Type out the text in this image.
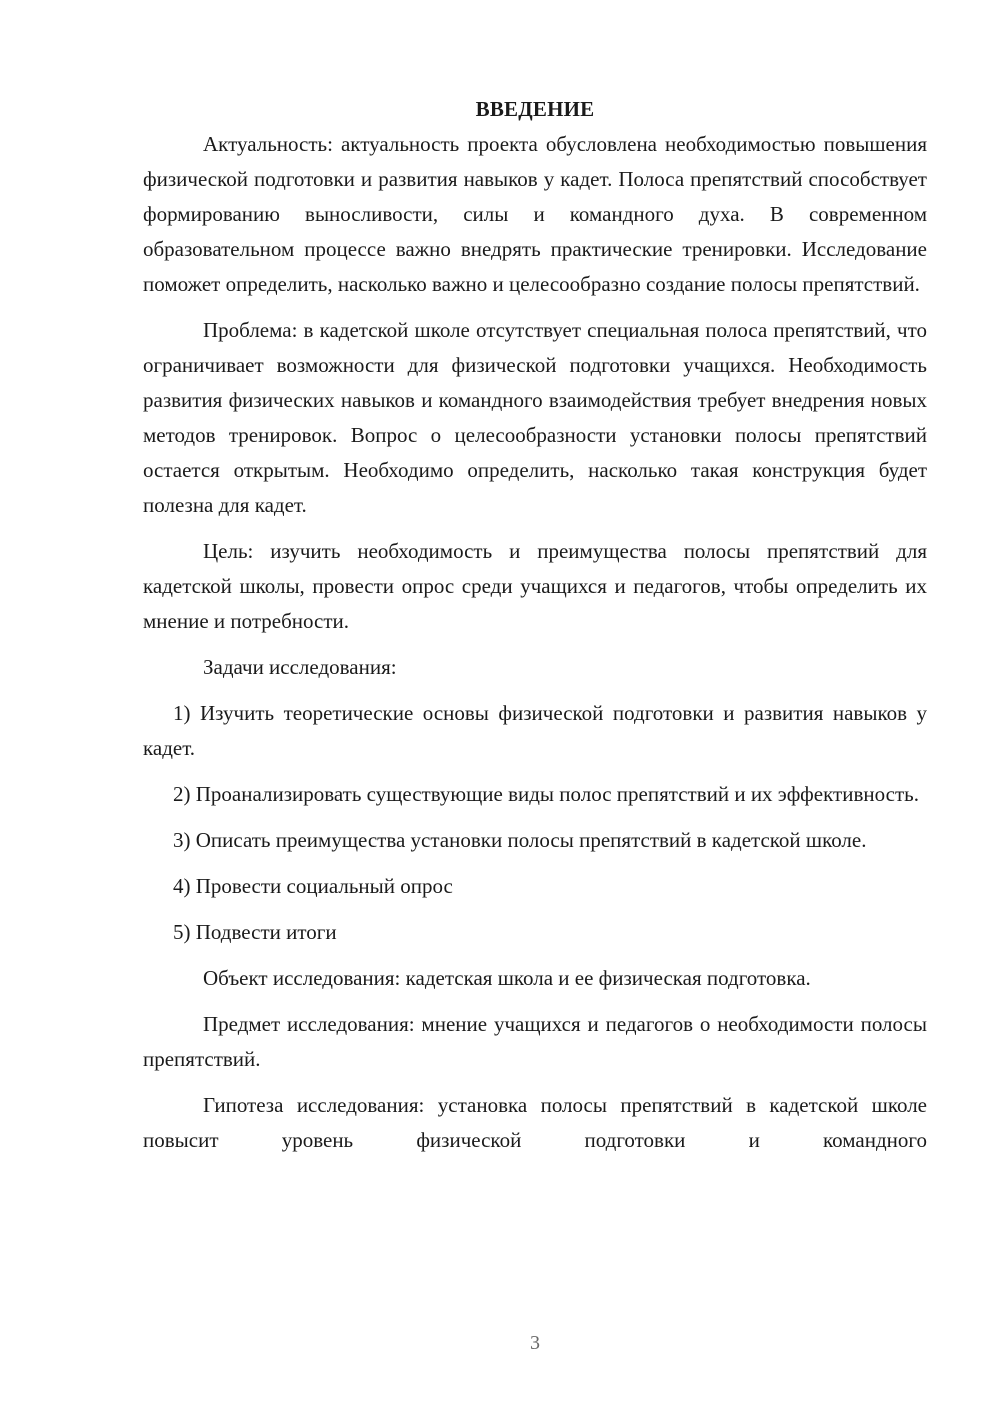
ВВЕДЕНИЕ

Актуальность: актуальность проекта обусловлена необходимостью повышения физической подготовки и развития навыков у кадет. Полоса препятствий способствует формированию выносливости, силы и командного духа. В современном образовательном процессе важно внедрять практические тренировки. Исследование поможет определить, насколько важно и целесообразно создание полосы препятствий.

Проблема: в кадетской школе отсутствует специальная полоса препятствий, что ограничивает возможности для физической подготовки учащихся. Необходимость развития физических навыков и командного взаимодействия требует внедрения новых методов тренировок. Вопрос о целесообразности установки полосы препятствий остается открытым. Необходимо определить, насколько такая конструкция будет полезна для кадет.

Цель: изучить необходимость и преимущества полосы препятствий для кадетской школы, провести опрос среди учащихся и педагогов, чтобы определить их мнение и потребности.

Задачи исследования:

1) Изучить теоретические основы физической подготовки и развития навыков у кадет.

2) Проанализировать существующие виды полос препятствий и их эффективность.

3) Описать преимущества установки полосы препятствий в кадетской школе.

4) Провести социальный опрос

5) Подвести итоги

Объект исследования: кадетская школа и ее физическая подготовка.

Предмет исследования: мнение учащихся и педагогов о необходимости полосы препятствий.

Гипотеза исследования: установка полосы препятствий в кадетской школе повысит уровень физической подготовки и командного

3
